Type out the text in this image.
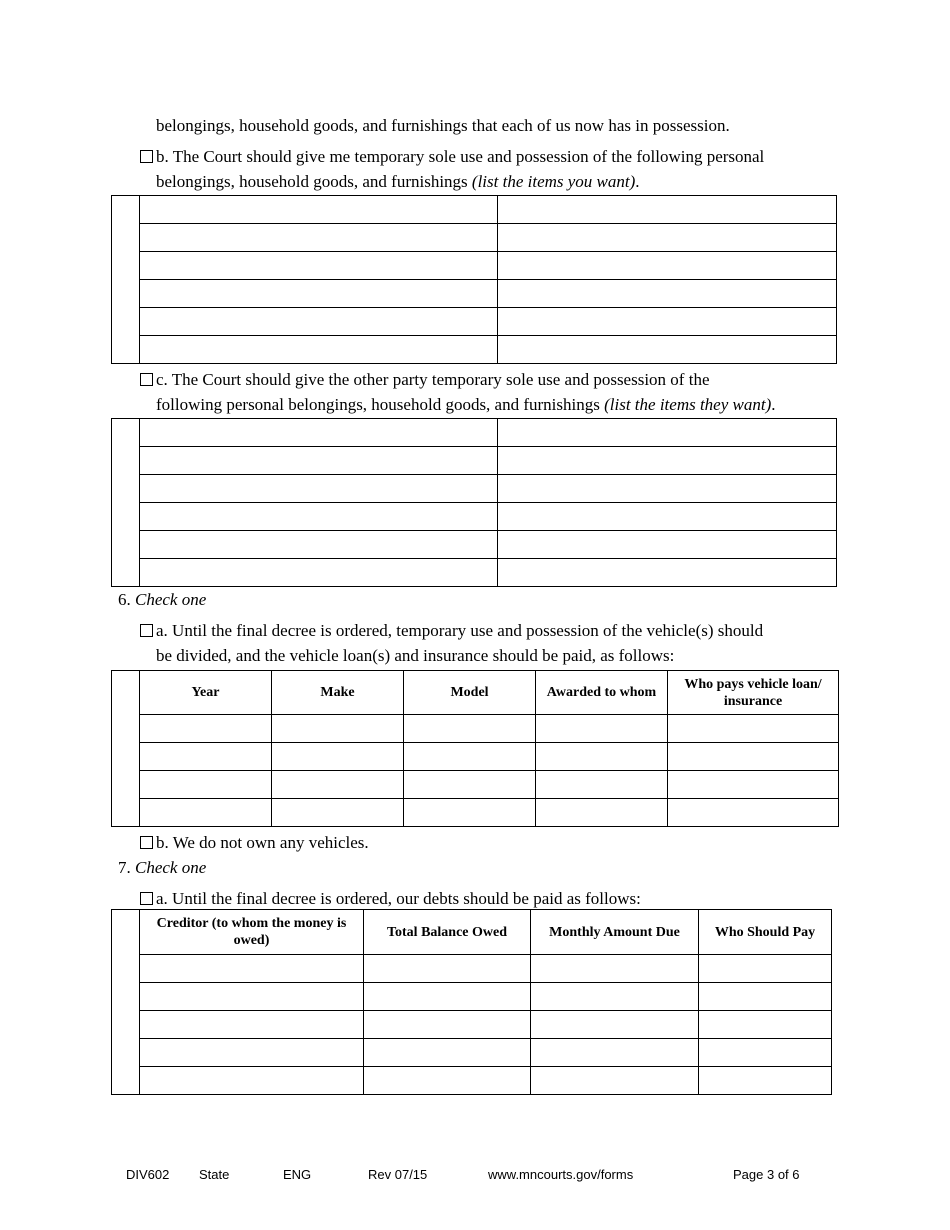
belongings, household goods, and furnishings that each of us now has in possession.
b. The Court should give me temporary sole use and possession of the following personal
belongings, household goods, and furnishings (list the items you want).

c. The Court should give the other party temporary sole use and possession of the
following personal belongings, household goods, and furnishings (list the items they want).

6. Check one
a. Until the final decree is ordered, temporary use and possession of the vehicle(s) should
be divided, and the vehicle loan(s) and insurance should be paid, as follows:
	Year	Make	Model	Awarded to whom	Who pays vehicle loan/ insurance

b. We do not own any vehicles.
7. Check one
a. Until the final decree is ordered, our debts should be paid as follows:
	Creditor (to whom the money is owed)	Total Balance Owed	Monthly Amount Due	Who Should Pay

DIV602 State	ENG	Rev 07/15	www.mncourts.gov/forms	Page 3 of 6
